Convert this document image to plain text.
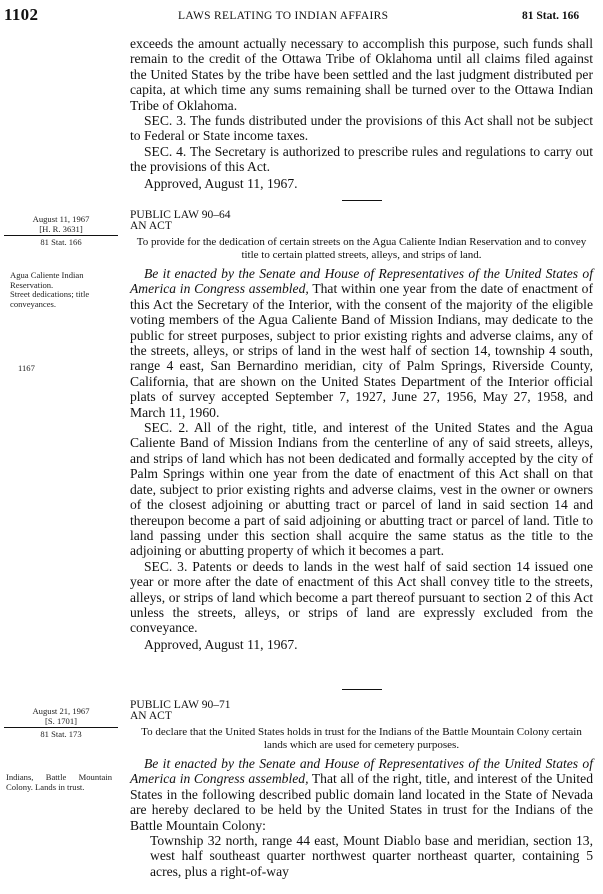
1102	LAWS RELATING TO INDIAN AFFAIRS	81 Stat. 166

exceeds the amount actually necessary to accomplish this purpose, such funds shall remain to the credit of the Ottawa Tribe of Oklahoma until all claims filed against the United States by the tribe have been settled and the last judgment distributed per capita, at which time any sums remaining shall be turned over to the Ottawa Indian Tribe of Oklahoma.

SEC. 3. The funds distributed under the provisions of this Act shall not be subject to Federal or State income taxes.

SEC. 4. The Secretary is authorized to prescribe rules and regulations to carry out the provisions of this Act.

Approved, August 11, 1967.

August 11, 1967
[H. R. 3631]
81 Stat. 166
Agua Caliente Indian Reservation.
Street dedications; title conveyances.
1167
PUBLIC LAW 90–64
AN ACT
To provide for the dedication of certain streets on the Agua Caliente Indian Reservation and to convey title to certain platted streets, alleys, and strips of land.

Be it enacted by the Senate and House of Representatives of the United States of America in Congress assembled, That within one year from the date of enactment of this Act the Secretary of the Interior, with the consent of the majority of the eligible voting members of the Agua Caliente Band of Mission Indians, may dedicate to the public for street purposes, subject to prior existing rights and adverse claims, any of the streets, alleys, or strips of land in the west half of section 14, township 4 south, range 4 east, San Bernardino meridian, city of Palm Springs, Riverside County, California, that are shown on the United States Department of the Interior official plats of survey accepted September 7, 1927, June 27, 1956, May 27, 1958, and March 11, 1960.

SEC. 2. All of the right, title, and interest of the United States and the Agua Caliente Band of Mission Indians from the centerline of any of said streets, alleys, and strips of land which has not been dedicated and formally accepted by the city of Palm Springs within one year from the date of enactment of this Act shall on that date, subject to prior existing rights and adverse claims, vest in the owner or owners of the closest adjoining or abutting tract or parcel of land in said section 14 and thereupon become a part of said adjoining or abutting tract or parcel of land. Title to land passing under this section shall acquire the same status as the title to the adjoining or abutting property of which it becomes a part.

SEC. 3. Patents or deeds to lands in the west half of said section 14 issued one year or more after the date of enactment of this Act shall convey title to the streets, alleys, or strips of land which become a part thereof pursuant to section 2 of this Act unless the streets, alleys, or strips of land are expressly excluded from the conveyance.

Approved, August 11, 1967.

August 21, 1967
[S. 1701]
81 Stat. 173
Indians, Battle Mountain Colony. Lands in trust.
PUBLIC LAW 90–71
AN ACT
To declare that the United States holds in trust for the Indians of the Battle Mountain Colony certain lands which are used for cemetery purposes.

Be it enacted by the Senate and House of Representatives of the United States of America in Congress assembled, That all of the right, title, and interest of the United States in the following described public domain land located in the State of Nevada are hereby declared to be held by the United States in trust for the Indians of the Battle Mountain Colony:

Township 32 north, range 44 east, Mount Diablo base and meridian, section 13, west half southeast quarter northwest quarter northeast quarter, containing 5 acres, plus a right-of-way
